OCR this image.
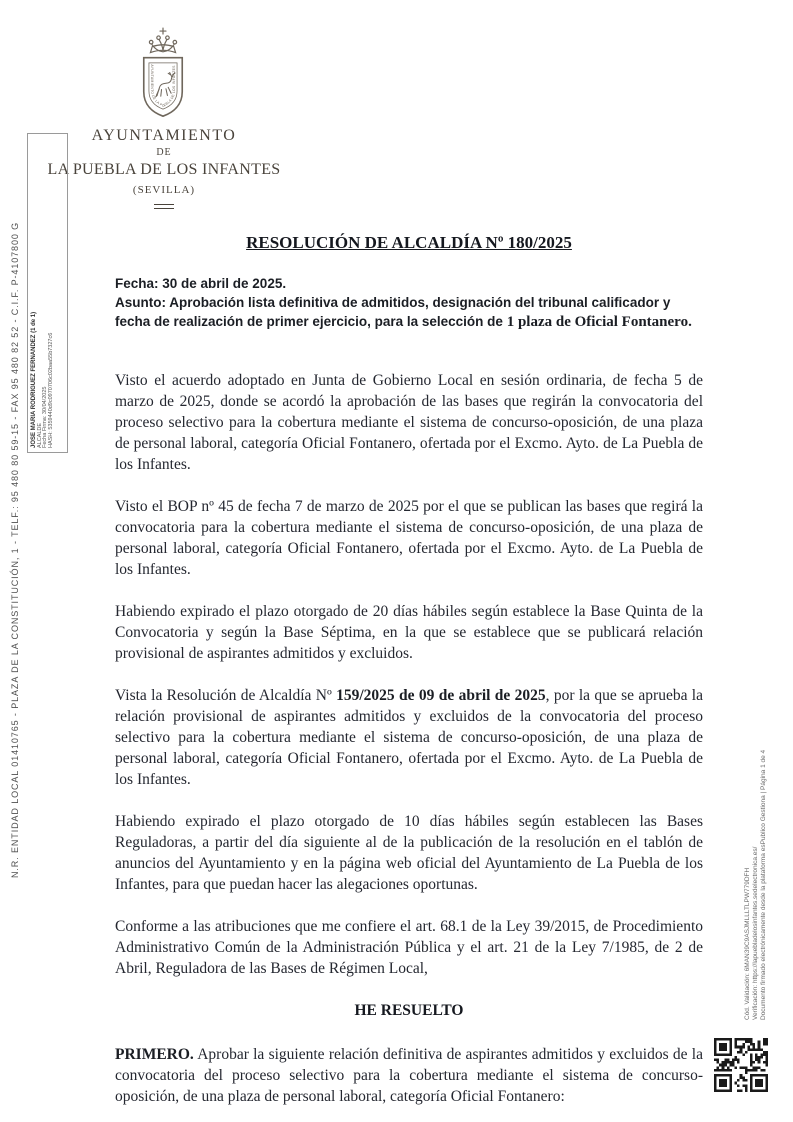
AYUNTAMIENTO DE LA PUEBLA DE LOS INFANTES
AYUNTAMIENTO
DE
LA PUEBLA DE LOS INFANTES
(SEVILLA)
N.R. ENTIDAD LOCAL 01410765 - PLAZA DE LA CONSTITUCIÓN, 1 - TELF.: 95 480 80 59-15 - FAX 95 480 82 52 - C.I.F. P-4107800 G JOSE MARIA RODRIGUEZ FERNANDEZ (1 de 1) ALCALDE Fecha Firma: 30/04/2025 HASH: 5359440d9c0970706c02baa55b7327c6
RESOLUCIÓN DE ALCALDÍA Nº 180/2025
Fecha: 30 de abril de 2025.
Asunto: Aprobación lista definitiva de admitidos, designación del tribunal calificador y fecha de realización de primer ejercicio, para la selección de 1 plaza de Oficial Fontanero.

Visto el acuerdo adoptado en Junta de Gobierno Local en sesión ordinaria, de fecha 5 de marzo de 2025, donde se acordó la aprobación de las bases que regirán la convocatoria del proceso selectivo para la cobertura mediante el sistema de concurso-oposición, de una plaza de personal laboral, categoría Oficial Fontanero, ofertada por el Excmo. Ayto. de La Puebla de los Infantes.

Visto el BOP nº 45 de fecha 7 de marzo de 2025 por el que se publican las bases que regirá la convocatoria para la cobertura mediante el sistema de concurso-oposición, de una plaza de personal laboral, categoría Oficial Fontanero, ofertada por el Excmo. Ayto. de La Puebla de los Infantes.

Habiendo expirado el plazo otorgado de 20 días hábiles según establece la Base Quinta de la Convocatoria y según la Base Séptima, en la que se establece que se publicará relación provisional de aspirantes admitidos y excluidos.

Vista la Resolución de Alcaldía Nº 159/2025 de 09 de abril de 2025, por la que se aprueba la relación provisional de aspirantes admitidos y excluidos de la convocatoria del proceso selectivo para la cobertura mediante el sistema de concurso-oposición, de una plaza de personal laboral, categoría Oficial Fontanero, ofertada por el Excmo. Ayto. de La Puebla de los Infantes.

Habiendo expirado el plazo otorgado de 10 días hábiles según establecen las Bases Reguladoras, a partir del día siguiente al de la publicación de la resolución en el tablón de anuncios del Ayuntamiento y en la página web oficial del Ayuntamiento de La Puebla de los Infantes, para que puedan hacer las alegaciones oportunas.

Conforme a las atribuciones que me confiere el art. 68.1 de la Ley 39/2015, de Procedimiento Administrativo Común de la Administración Pública y el art. 21 de la Ley 7/1985, de 2 de Abril, Reguladora de las Bases de Régimen Local,

HE RESUELTO

PRIMERO. Aprobar la siguiente relación definitiva de aspirantes admitidos y excluidos de la convocatoria del proceso selectivo para la cobertura mediante el sistema de concurso-oposición, de una plaza de personal laboral, categoría Oficial Fontanero:

Cód. Validación: 6MAN39C9ASJMLLLTLPW779DFH Verificación: https://lapuebladelosinfantes.sedelectronica.es/ Documento firmado electrónicamente desde la plataforma esPublico Gestiona | Página 1 de 4
